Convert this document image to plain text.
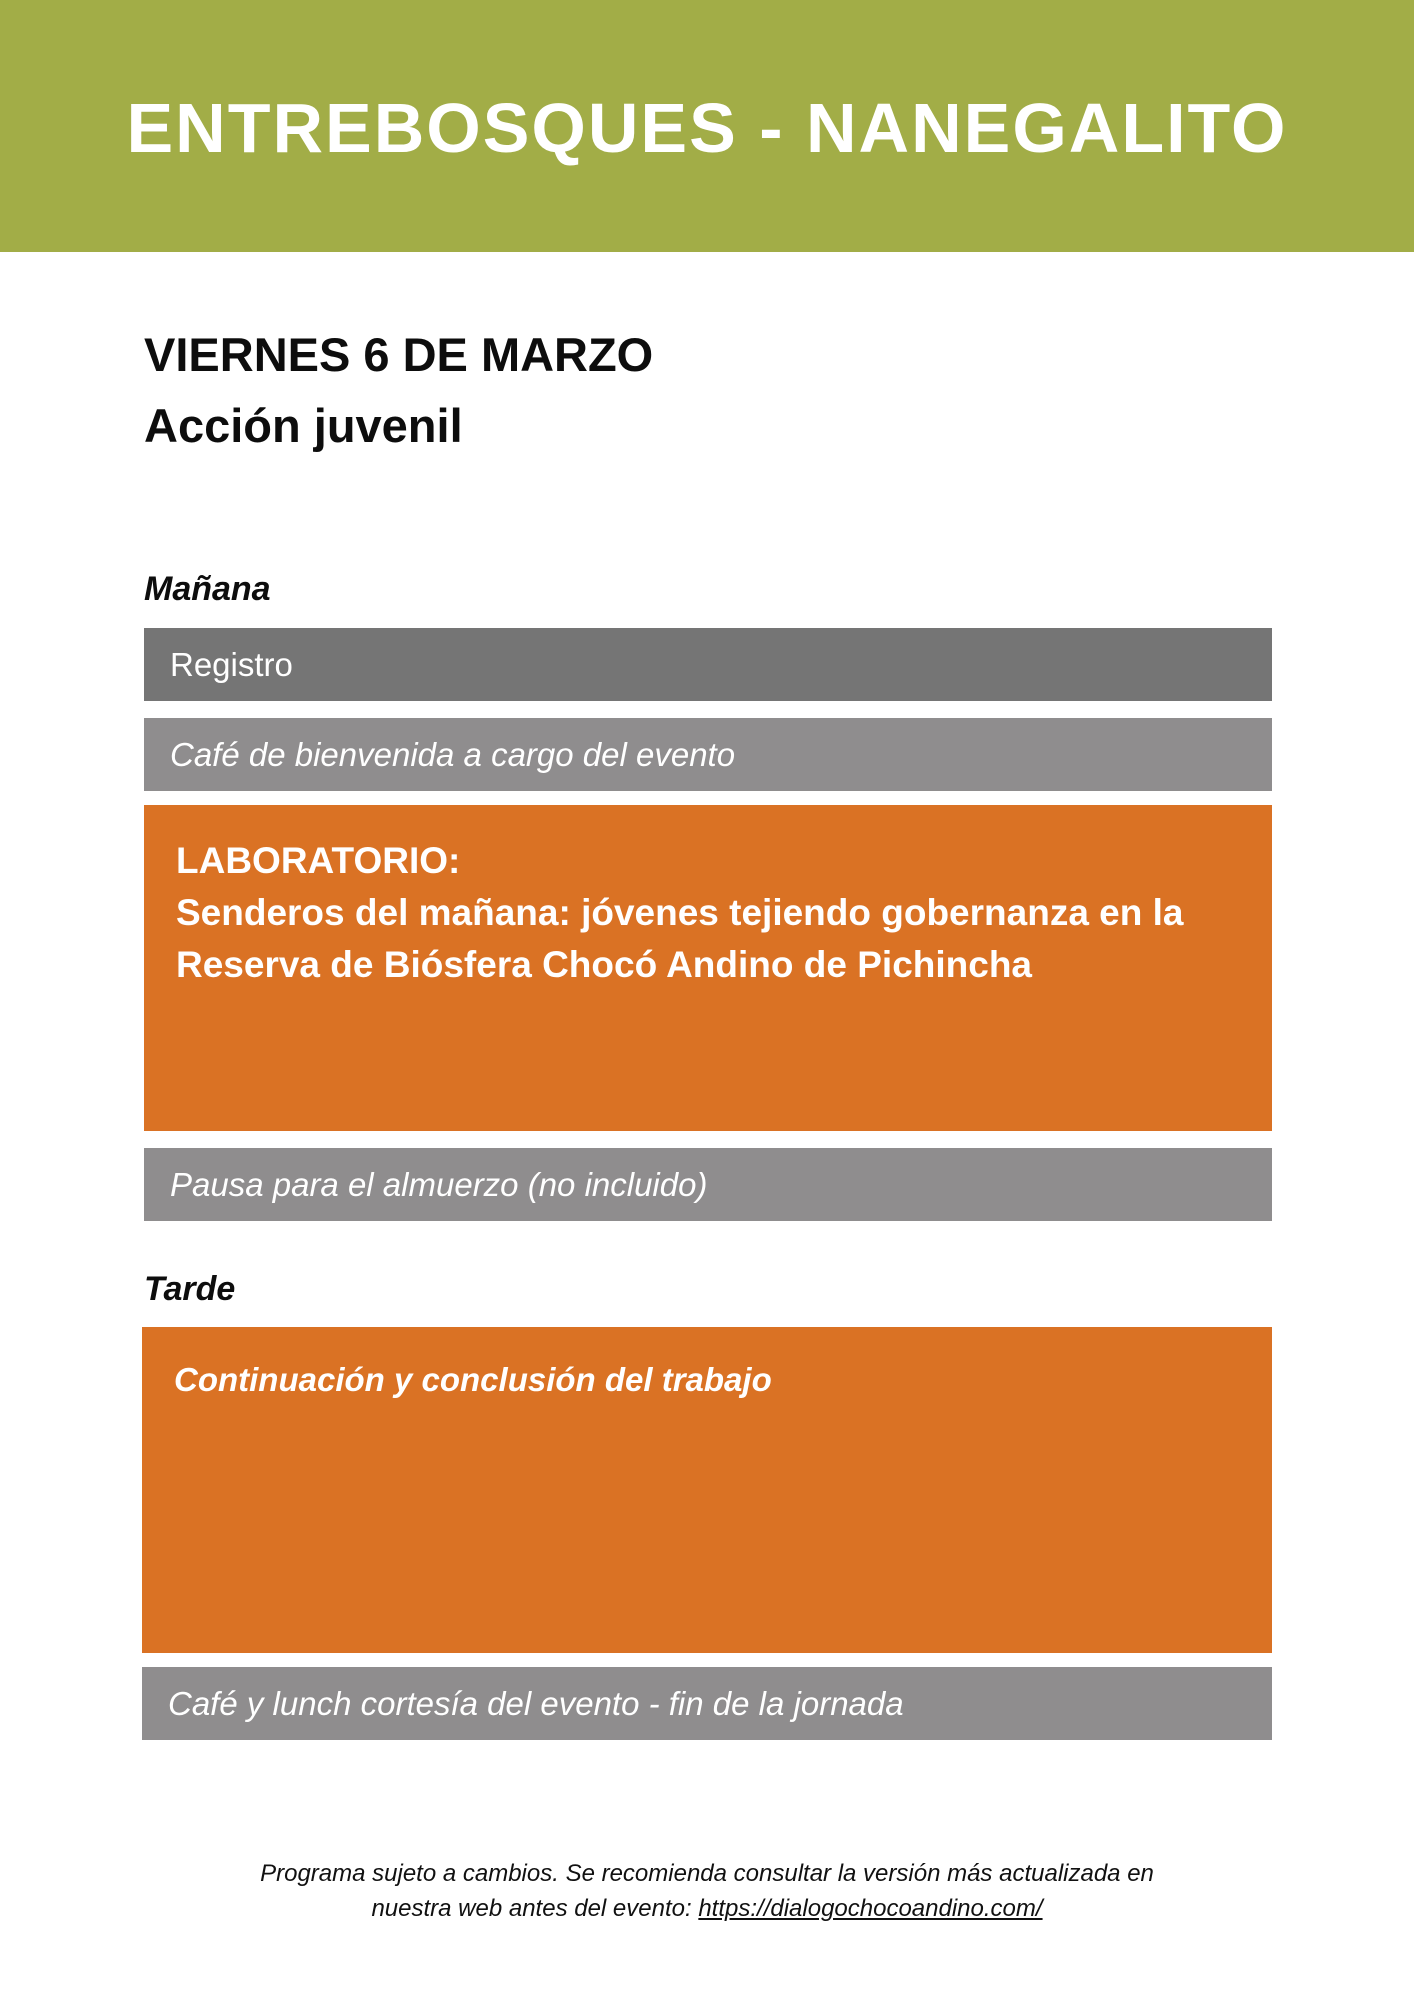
ENTREBOSQUES - NANEGALITO
VIERNES 6 DE MARZO
Acción juvenil
Mañana
Registro
Café de bienvenida a cargo del evento
LABORATORIO:
Senderos del mañana: jóvenes tejiendo gobernanza en la Reserva de Biósfera Chocó Andino de Pichincha
Pausa para el almuerzo (no incluido)
Tarde
Continuación y conclusión del trabajo
Café y lunch cortesía del evento - fin de la jornada
Programa sujeto a cambios. Se recomienda consultar la versión más actualizada en
nuestra web antes del evento: https://dialogochocoandino.com/
